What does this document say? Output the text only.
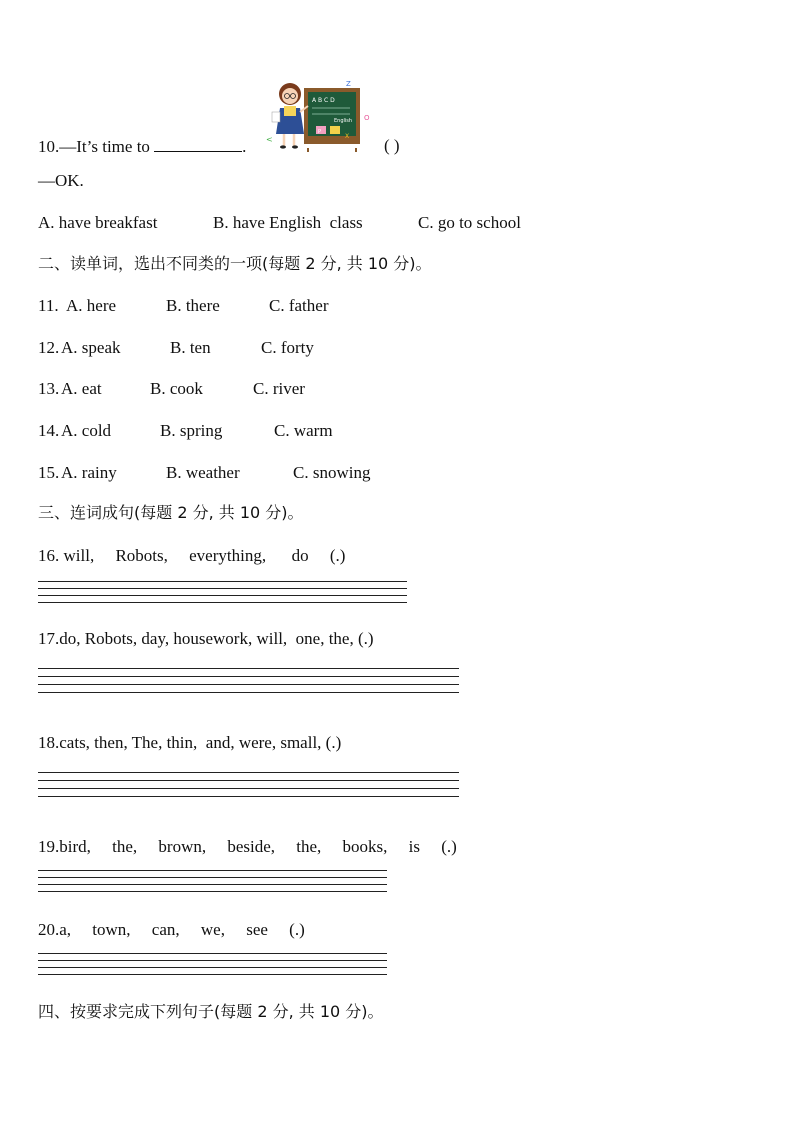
10.—It’s time to	.	( )
A B C D
English
Z
O
<
P
X
—OK.
A. have breakfast	B. have English  class	C. go to school
二、读单词，选出不同类的一项(每题 2 分, 共 10 分)。
11. A. here	B. there	C. father
12. A. speak	B. ten	C. forty
13. A. eat	B. cook	C. river
14. A. cold	B. spring	C. warm
15. A. rainy	B. weather	C. snowing
三、连词成句(每题 2 分, 共 10 分)。
16. will,     Robots,     everything,      do     (.)
17.do, Robots, day, housework, will,  one, the, (.)
18.cats, then, The, thin,  and, were, small, (.)
19.bird,     the,     brown,     beside,     the,     books,     is     (.)
20.a,     town,     can,     we,     see     (.)
四、按要求完成下列句子(每题 2 分, 共 10 分)。
